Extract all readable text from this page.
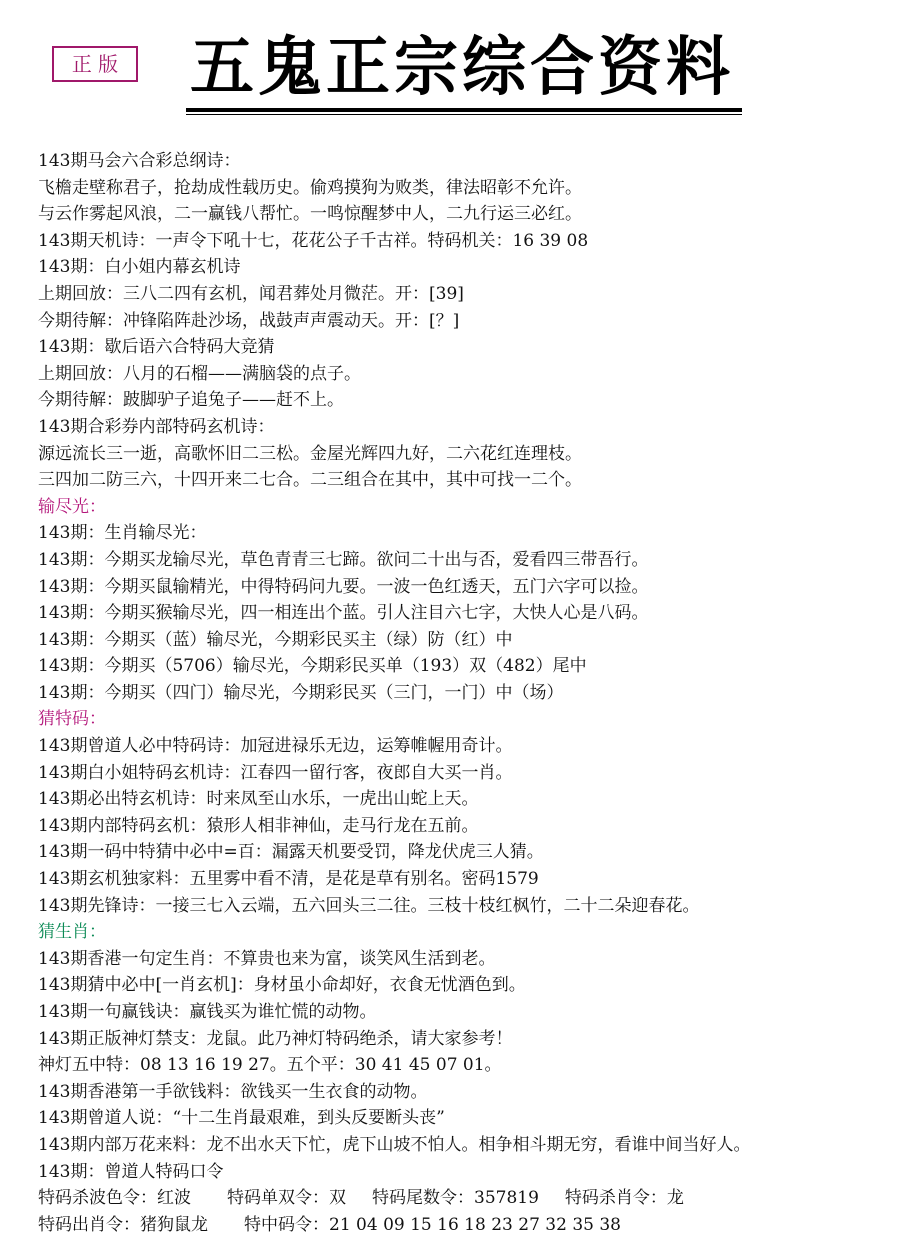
正 版	五鬼正宗综合资料
143期马会六合彩总纲诗：
飞檐走壁称君子，抢劫成性载历史。偷鸡摸狗为败类，律法昭彰不允许。
与云作雾起风浪，二一赢钱八帮忙。一鸣惊醒梦中人，二九行运三必红。
143期天机诗：一声令下吼十七，花花公子千古祥。特码机关：16 39 08
143期：白小姐内幕玄机诗
上期回放：三八二四有玄机，闻君葬处月微茫。开：[39]
今期待解：冲锋陷阵赴沙场，战鼓声声震动天。开：[？]
143期：歇后语六合特码大竞猜
上期回放：八月的石榴——满脑袋的点子。
今期待解：跛脚驴子追兔子——赶不上。
143期合彩券内部特码玄机诗：
源远流长三一逝，高歌怀旧二三松。金屋光辉四九好，二六花红连理枝。
三四加二防三六，十四开来二七合。二三组合在其中，其中可找一二个。
输尽光：
143期：生肖输尽光：
143期：今期买龙输尽光，草色青青三七蹄。欲问二十出与否，爱看四三带吾行。
143期：今期买鼠输精光，中得特码问九要。一波一色红透天，五门六字可以捡。
143期：今期买猴输尽光，四一相连出个蓝。引人注目六七字，大快人心是八码。
143期：今期买（蓝）输尽光，今期彩民买主（绿）防（红）中
143期：今期买（5706）输尽光，今期彩民买单（193）双（482）尾中
143期：今期买（四门）输尽光，今期彩民买（三门，一门）中（场）
猜特码：
143期曾道人必中特码诗：加冠进禄乐无边，运筹帷幄用奇计。
143期白小姐特码玄机诗：江春四一留行客，夜郎自大买一肖。
143期必出特玄机诗：时来凤至山水乐，一虎出山蛇上天。
143期内部特码玄机：猿形人相非神仙，走马行龙在五前。
143期一码中特猜中必中=百：漏露天机要受罚，降龙伏虎三人猜。
143期玄机独家料：五里雾中看不清，是花是草有别名。密码1579
143期先锋诗：一接三七入云端，五六回头三二往。三枝十枝红枫竹，二十二朵迎春花。
猜生肖：
143期香港一句定生肖：不算贵也来为富，谈笑风生活到老。
143期猜中必中[一肖玄机]：身材虽小命却好，衣食无忧酒色到。
143期一句赢钱诀：赢钱买为谁忙慌的动物。
143期正版神灯禁支：龙鼠。此乃神灯特码绝杀，请大家参考！
神灯五中特：08 13 16 19 27。五个平：30 41 45 07 01。
143期香港第一手欲钱料：欲钱买一生衣食的动物。
143期曾道人说：“十二生肖最艰难，到头反要断头丧”
143期内部万花来料：龙不出水天下忙，虎下山坡不怕人。相争相斗期无穷，看谁中间当好人。
143期：曾道人特码口令
特码杀波色令：红波 特码单双令：双 特码尾数令：357819 特码杀肖令：龙
特码出肖令：猪狗鼠龙 特中码令：21 04 09 15 16 18 23 27 32 35 38
